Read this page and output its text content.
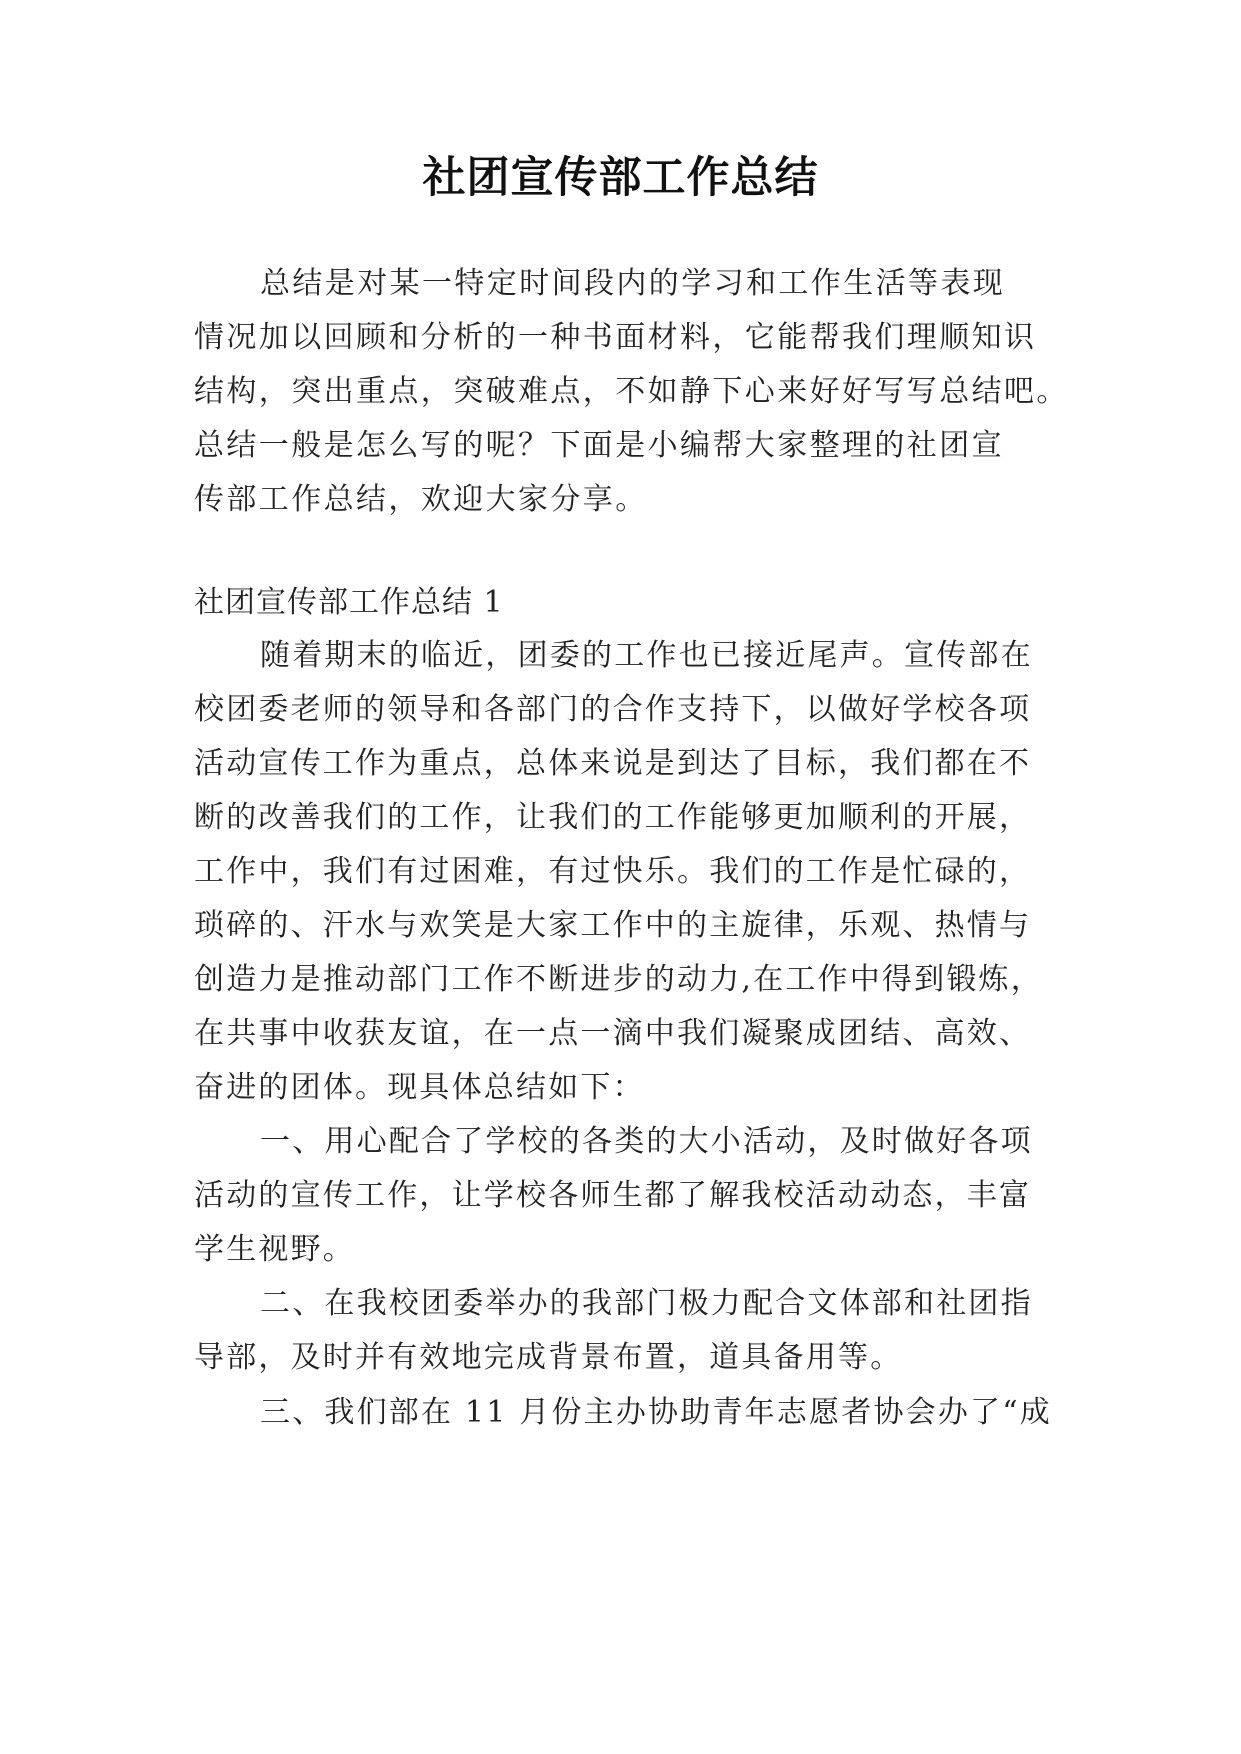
社团宣传部工作总结
总结是对某一特定时间段内的学习和工作生活等表现
情况加以回顾和分析的一种书面材料，它能帮我们理顺知识
结构，突出重点，突破难点，不如静下心来好好写写总结吧。
总结一般是怎么写的呢？下面是小编帮大家整理的社团宣
传部工作总结，欢迎大家分享。
社团宣传部工作总结 1
随着期末的临近，团委的工作也已接近尾声。宣传部在
校团委老师的领导和各部门的合作支持下，以做好学校各项
活动宣传工作为重点，总体来说是到达了目标，我们都在不
断的改善我们的工作，让我们的工作能够更加顺利的开展，
工作中，我们有过困难，有过快乐。我们的工作是忙碌的，
琐碎的、汗水与欢笑是大家工作中的主旋律，乐观、热情与
创造力是推动部门工作不断进步的动力,在工作中得到锻炼，
在共事中收获友谊，在一点一滴中我们凝聚成团结、高效、
奋进的团体。现具体总结如下：
一、用心配合了学校的各类的大小活动，及时做好各项
活动的宣传工作，让学校各师生都了解我校活动动态，丰富
学生视野。
二、在我校团委举办的我部门极力配合文体部和社团指
导部，及时并有效地完成背景布置，道具备用等。
三、我们部在 11 月份主办协助青年志愿者协会办了“成
